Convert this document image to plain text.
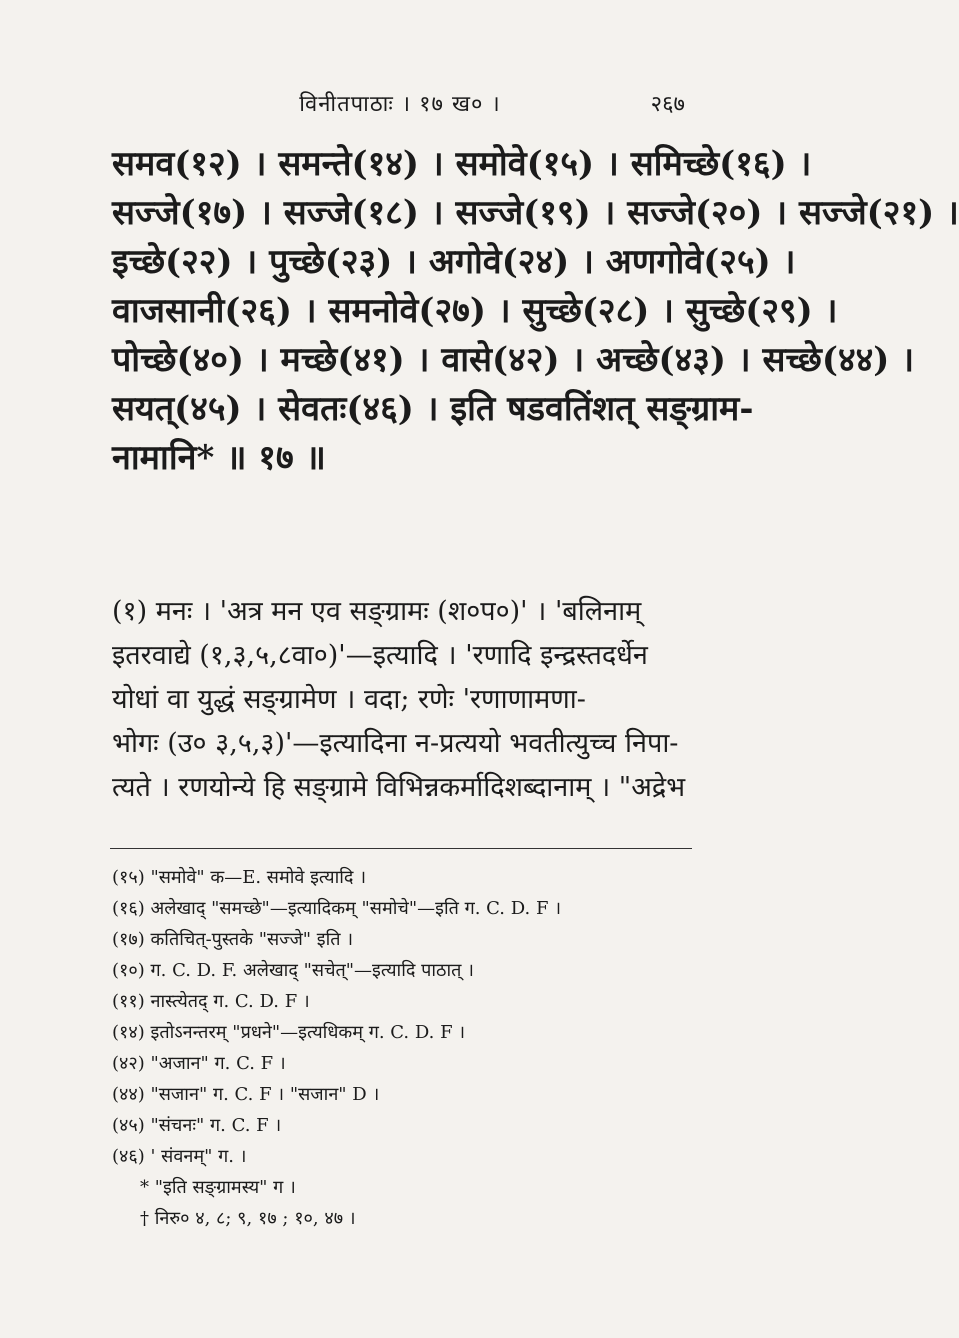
विनीतपाठाः । १७ ख० ।	२६७
समव(१२) । समन्ते(१४) । समोवे(१५) । समिच्छे(१६) ।
सज्जे(१७) । सज्जे(१८) । सज्जे(१९) । सज्जे(२०) । सज्जे(२१) ।
इच्छे(२२) । पुच्छे(२३) । अगोवे(२४) । अणगोवे(२५) ।
वाजसानी(२६) । समनोवे(२७) । सुच्छे(२८) । सुच्छे(२९) ।
पोच्छे(४०) । मच्छे(४१) । वासे(४२) । अच्छे(४३) । सच्छे(४४) ।
सयत्(४५) । सेवतः(४६) । इति षडवतिंशत् सङ्ग्राम-
नामानि* ॥ १७ ॥
(१) मनः । 'अत्र मन एव सङ्ग्रामः (श०प०)' । 'बलिनाम्
इतरवाद्ये (१,३,५,८वा०)'—इत्यादि । 'रणादि इन्द्रस्तदर्धेन
योधां वा युद्धं सङ्ग्रामेण । वदा; रणेः 'रणाणामणा-
भोगः (उ० ३,५,३)'—इत्यादिना न-प्रत्ययो भवतीत्युच्च निपा-
त्यते । रणयोन्ये हि सङ्ग्रामे विभिन्नकर्मादिशब्दानाम् । "अद्रेभ
(१५) "समोवे" क—E. समोवे इत्यादि ।
(१६) अलेखाद् "समच्छे"—इत्यादिकम् "समोचे"—इति ग. C. D. F ।
(१७) कतिचित्-पुस्तके "सज्जे" इति ।
(१०) ग. C. D. F. अलेखाद् "सचेत्"—इत्यादि पाठात् ।
(११) नास्त्येतद् ग. C. D. F ।
(१४) इतोऽनन्तरम् "प्रधने"—इत्यधिकम् ग. C. D. F ।
(४२) "अजान" ग. C. F ।
(४४) "सजान" ग. C. F । "सजान" D ।
(४५) "संचनः" ग. C. F ।
(४६) ' संवनम्" ग. ।
* "इति सङ्ग्रामस्य" ग ।
† निरु० ४, ८; ९, १७ ; १०, ४७ ।
